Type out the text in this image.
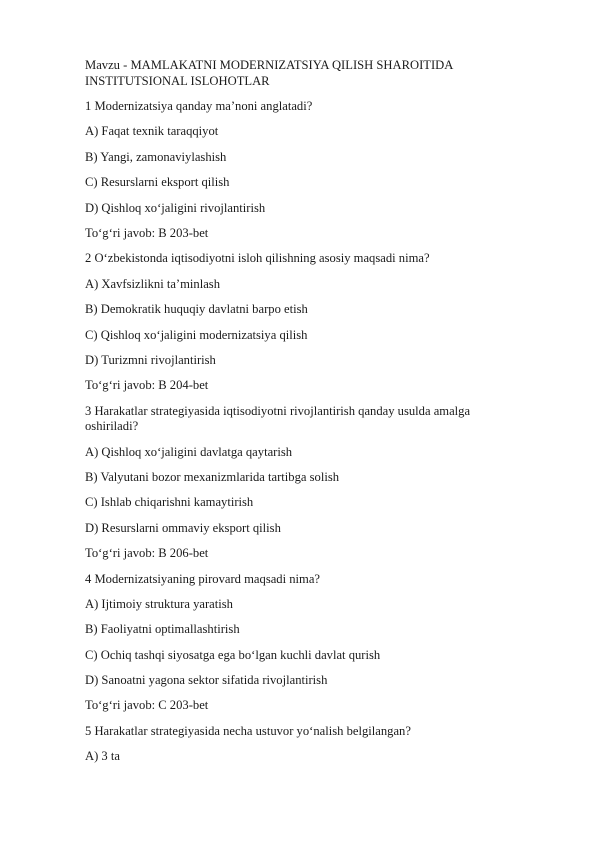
Mavzu - MAMLAKATNI MODERNIZATSIYA QILISH SHAROITIDA INSTITUTSIONAL ISLOHOTLAR
1 Modernizatsiya qanday ma’noni anglatadi?
A) Faqat texnik taraqqiyot
B) Yangi, zamonaviylashish
C) Resurslarni eksport qilish
D) Qishloq xo‘jaligini rivojlantirish
To‘g‘ri javob: B 203-bet
2 O‘zbekistonda iqtisodiyotni isloh qilishning asosiy maqsadi nima?
A) Xavfsizlikni ta’minlash
B) Demokratik huquqiy davlatni barpo etish
C) Qishloq xo‘jaligini modernizatsiya qilish
D) Turizmni rivojlantirish
To‘g‘ri javob: B 204-bet
3 Harakatlar strategiyasida iqtisodiyotni rivojlantirish qanday usulda amalga oshiriladi?
A) Qishloq xo‘jaligini davlatga qaytarish
B) Valyutani bozor mexanizmlarida tartibga solish
C) Ishlab chiqarishni kamaytirish
D) Resurslarni ommaviy eksport qilish
To‘g‘ri javob: B 206-bet
4 Modernizatsiyaning pirovard maqsadi nima?
A) Ijtimoiy struktura yaratish
B) Faoliyatni optimallashtirish
C) Ochiq tashqi siyosatga ega bo‘lgan kuchli davlat qurish
D) Sanoatni yagona sektor sifatida rivojlantirish
To‘g‘ri javob: C 203-bet
5 Harakatlar strategiyasida necha ustuvor yo‘nalish belgilangan?
A) 3 ta
